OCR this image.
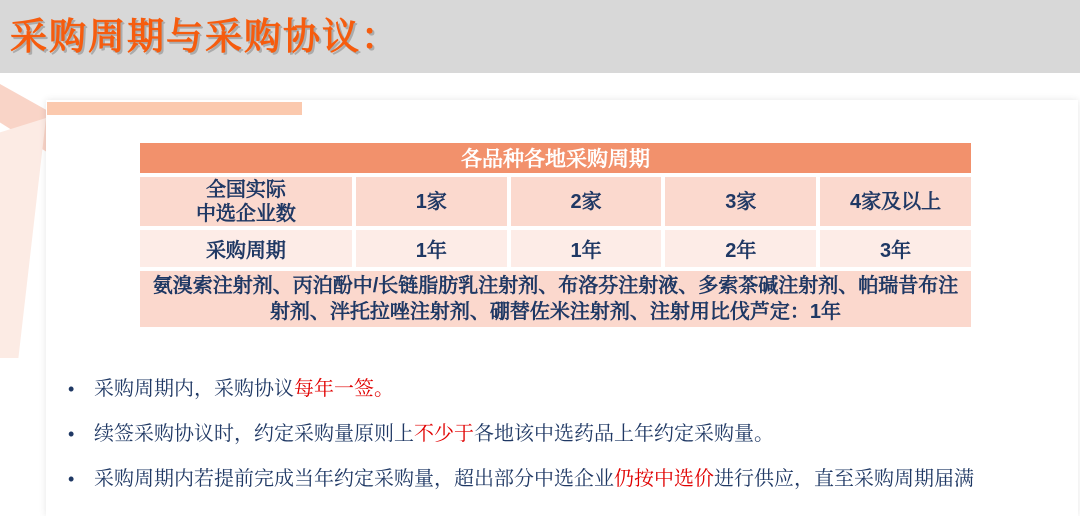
采购周期与采购协议：
各品种各地采购周期				
全国实际
中选企业数	1家	2家	3家	4家及以上
采购周期	1年	1年	2年	3年
氨溴索注射剂、丙泊酚中/长链脂肪乳注射剂、布洛芬注射液、多索茶碱注射剂、帕瑞昔布注射剂、泮托拉唑注射剂、硼替佐米注射剂、注射用比伐芦定：1年				
• 采购周期内，采购协议每年一签。
• 续签采购协议时，约定采购量原则上不少于各地该中选药品上年约定采购量。
• 采购周期内若提前完成当年约定采购量，超出部分中选企业仍按中选价进行供应，直至采购周期届满
